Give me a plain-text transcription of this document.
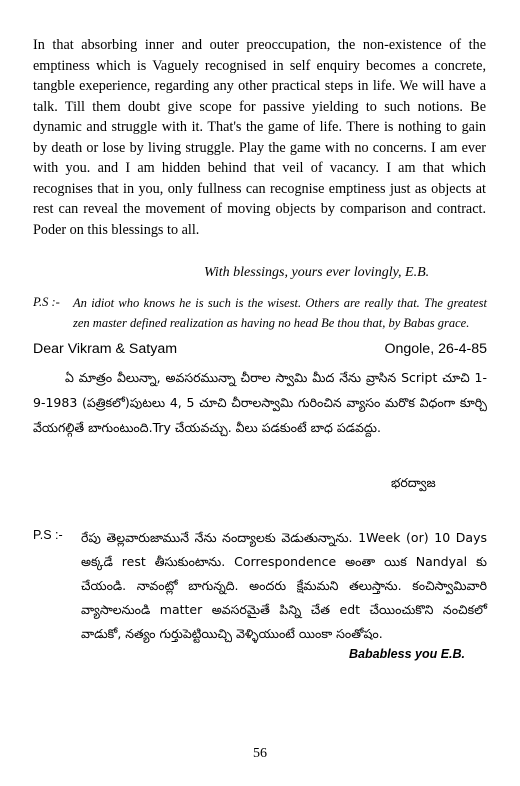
In that absorbing inner and outer preoccupation, the non-existence of the emptiness which is Vaguely recognised in self enquiry becomes a concrete, tangble exeperience, regarding any other practical steps in life. We will have a talk. Till them doubt give scope for passive yielding to such notions. Be dynamic and struggle with it. That's the game of life. There is nothing to gain by death or lose by living struggle. Play the game with no concerns. I am ever with you. and I am hidden behind that veil of vacancy. I am that which recognises that in you, only fullness can recognise emptiness just as objects at rest can reveal the movement of moving objects by comparison and contract. Poder on this blessings to all.

With blessings, yours ever lovingly, E.B.
P.S :- An idiot who knows he is such is the wisest. Others are really that. The greatest zen master defined realization as having no head Be thou that, by Babas grace.

Dear Vikram & Satyam	Ongole, 26-4-85

ఏ మాత్రం వీలున్నా, అవసరమున్నా చీరాల స్వామి మీద నేను వ్రాసిన Script చూచి 1-9-1983 (పత్రికలో)పుటలు 4, 5 చూచి చీరాలస్వామి గురించిన వ్యాసం మరొక విధంగా కూర్చి వేయగల్గితే బాగుంటుంది.Try చేయవచ్చు. వీలు పడకుంటే బాధ పడవద్దు.

భరద్వాజ
P.S :- రేపు తెల్లవారుజామునే నేను నంద్యాలకు వెడుతున్నాను. 1Week (or) 10 Days అక్కడే rest తీసుకుంటాను. Correspondence అంతా యిక Nandyal కు చేయండి. నావంట్లో బాగున్నది. అందరు క్షేమమని తలుస్తాను. కంచిస్వామివారి వ్యాసాలనుండి matter అవసరమైతే పిన్ని చేత edt చేయించుకొని నంచికలో వాడుకో, నత్యం గుర్తుపెట్టియిచ్చి వెళ్ళియుంటే యింకా సంతోషం.

Bababless you E.B.
56
